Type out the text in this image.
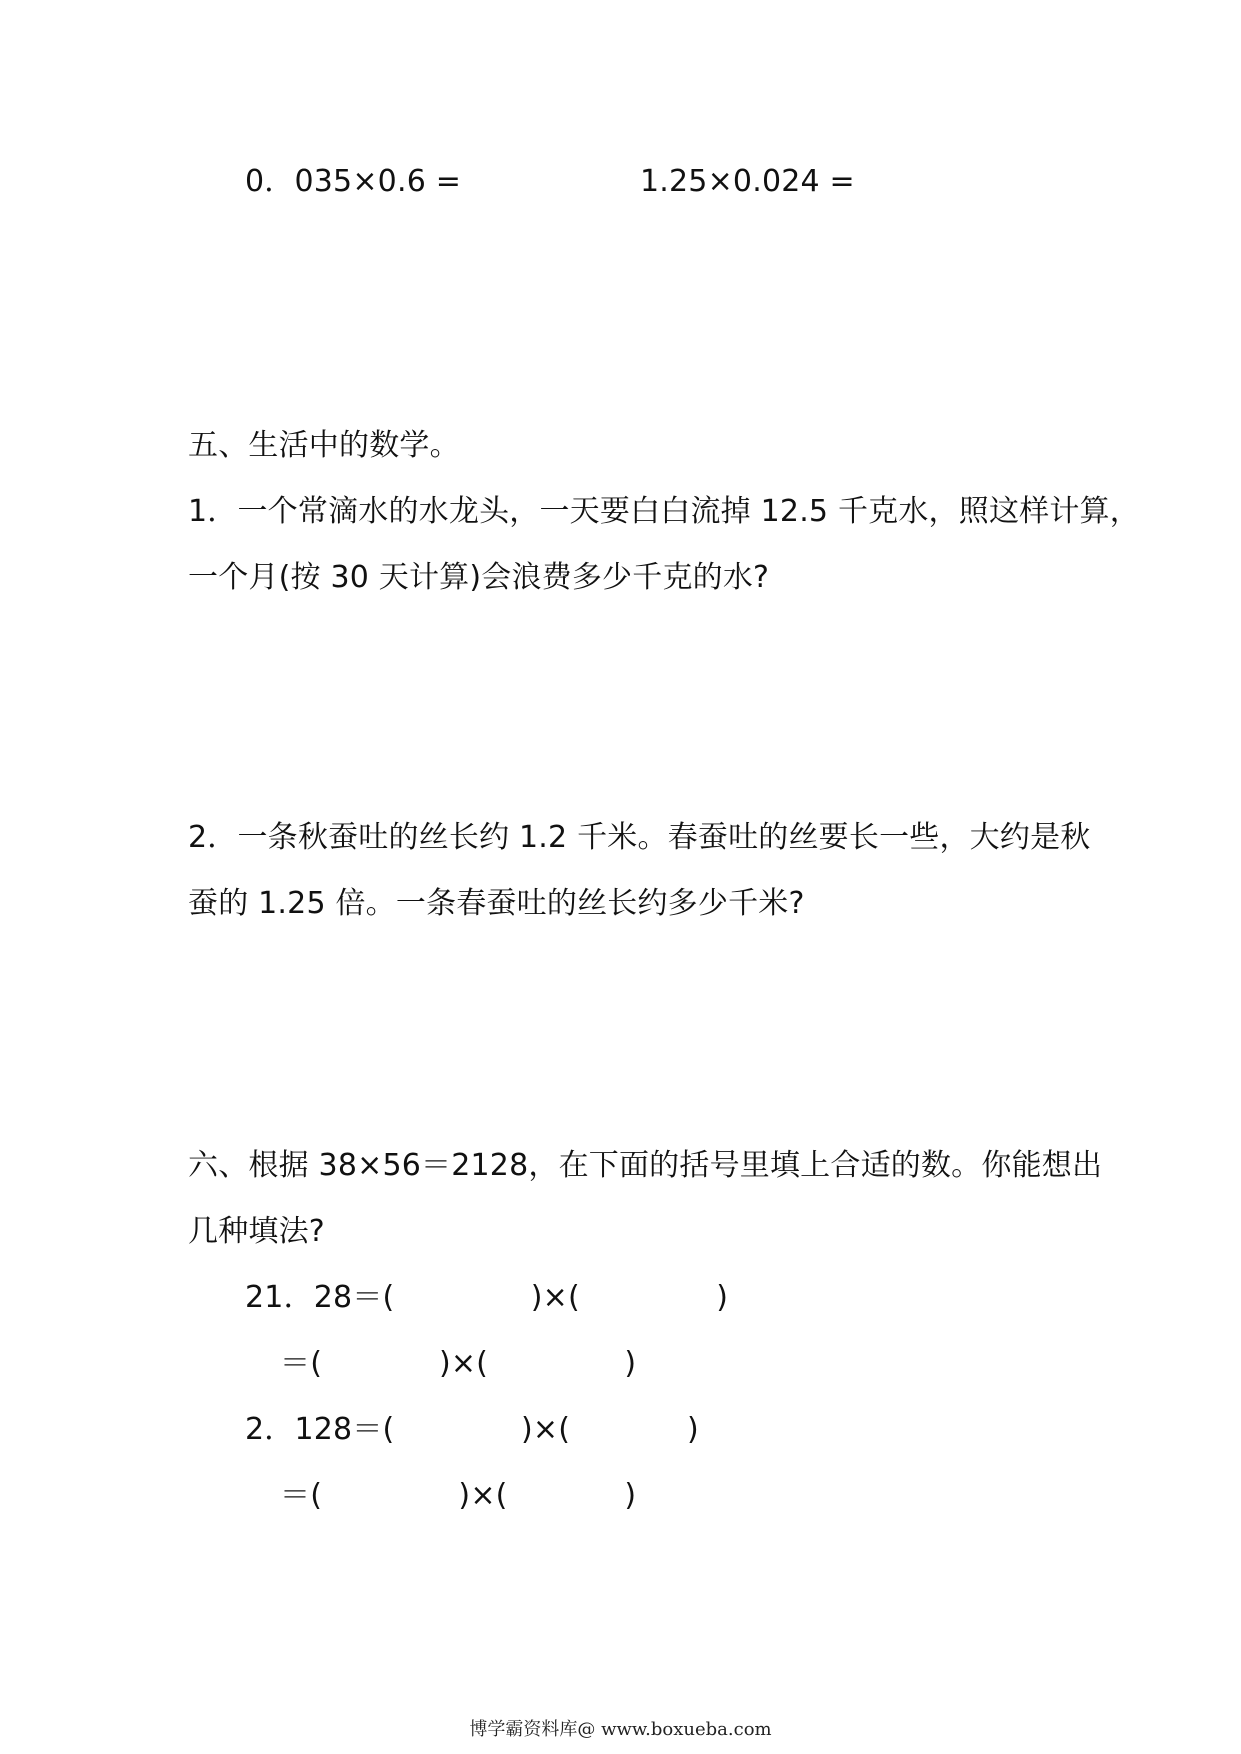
0．035×0.6 =	1.25×0.024 =
五、生活中的数学。
1．一个常滴水的水龙头，一天要白白流掉 12.5 千克水，照这样计算，
一个月(按 30 天计算)会浪费多少千克的水?
2．一条秋蚕吐的丝长约 1.2 千米。春蚕吐的丝要长一些，大约是秋
蚕的 1.25 倍。一条春蚕吐的丝长约多少千米?
六、根据 38×56＝2128，在下面的括号里填上合适的数。你能想出
几种填法?
21．28＝(              )×(              )
＝(            )×(              )
2．128＝(             )×(            )
＝(              )×(            )
博学霸资料库@ www.boxueba.com
